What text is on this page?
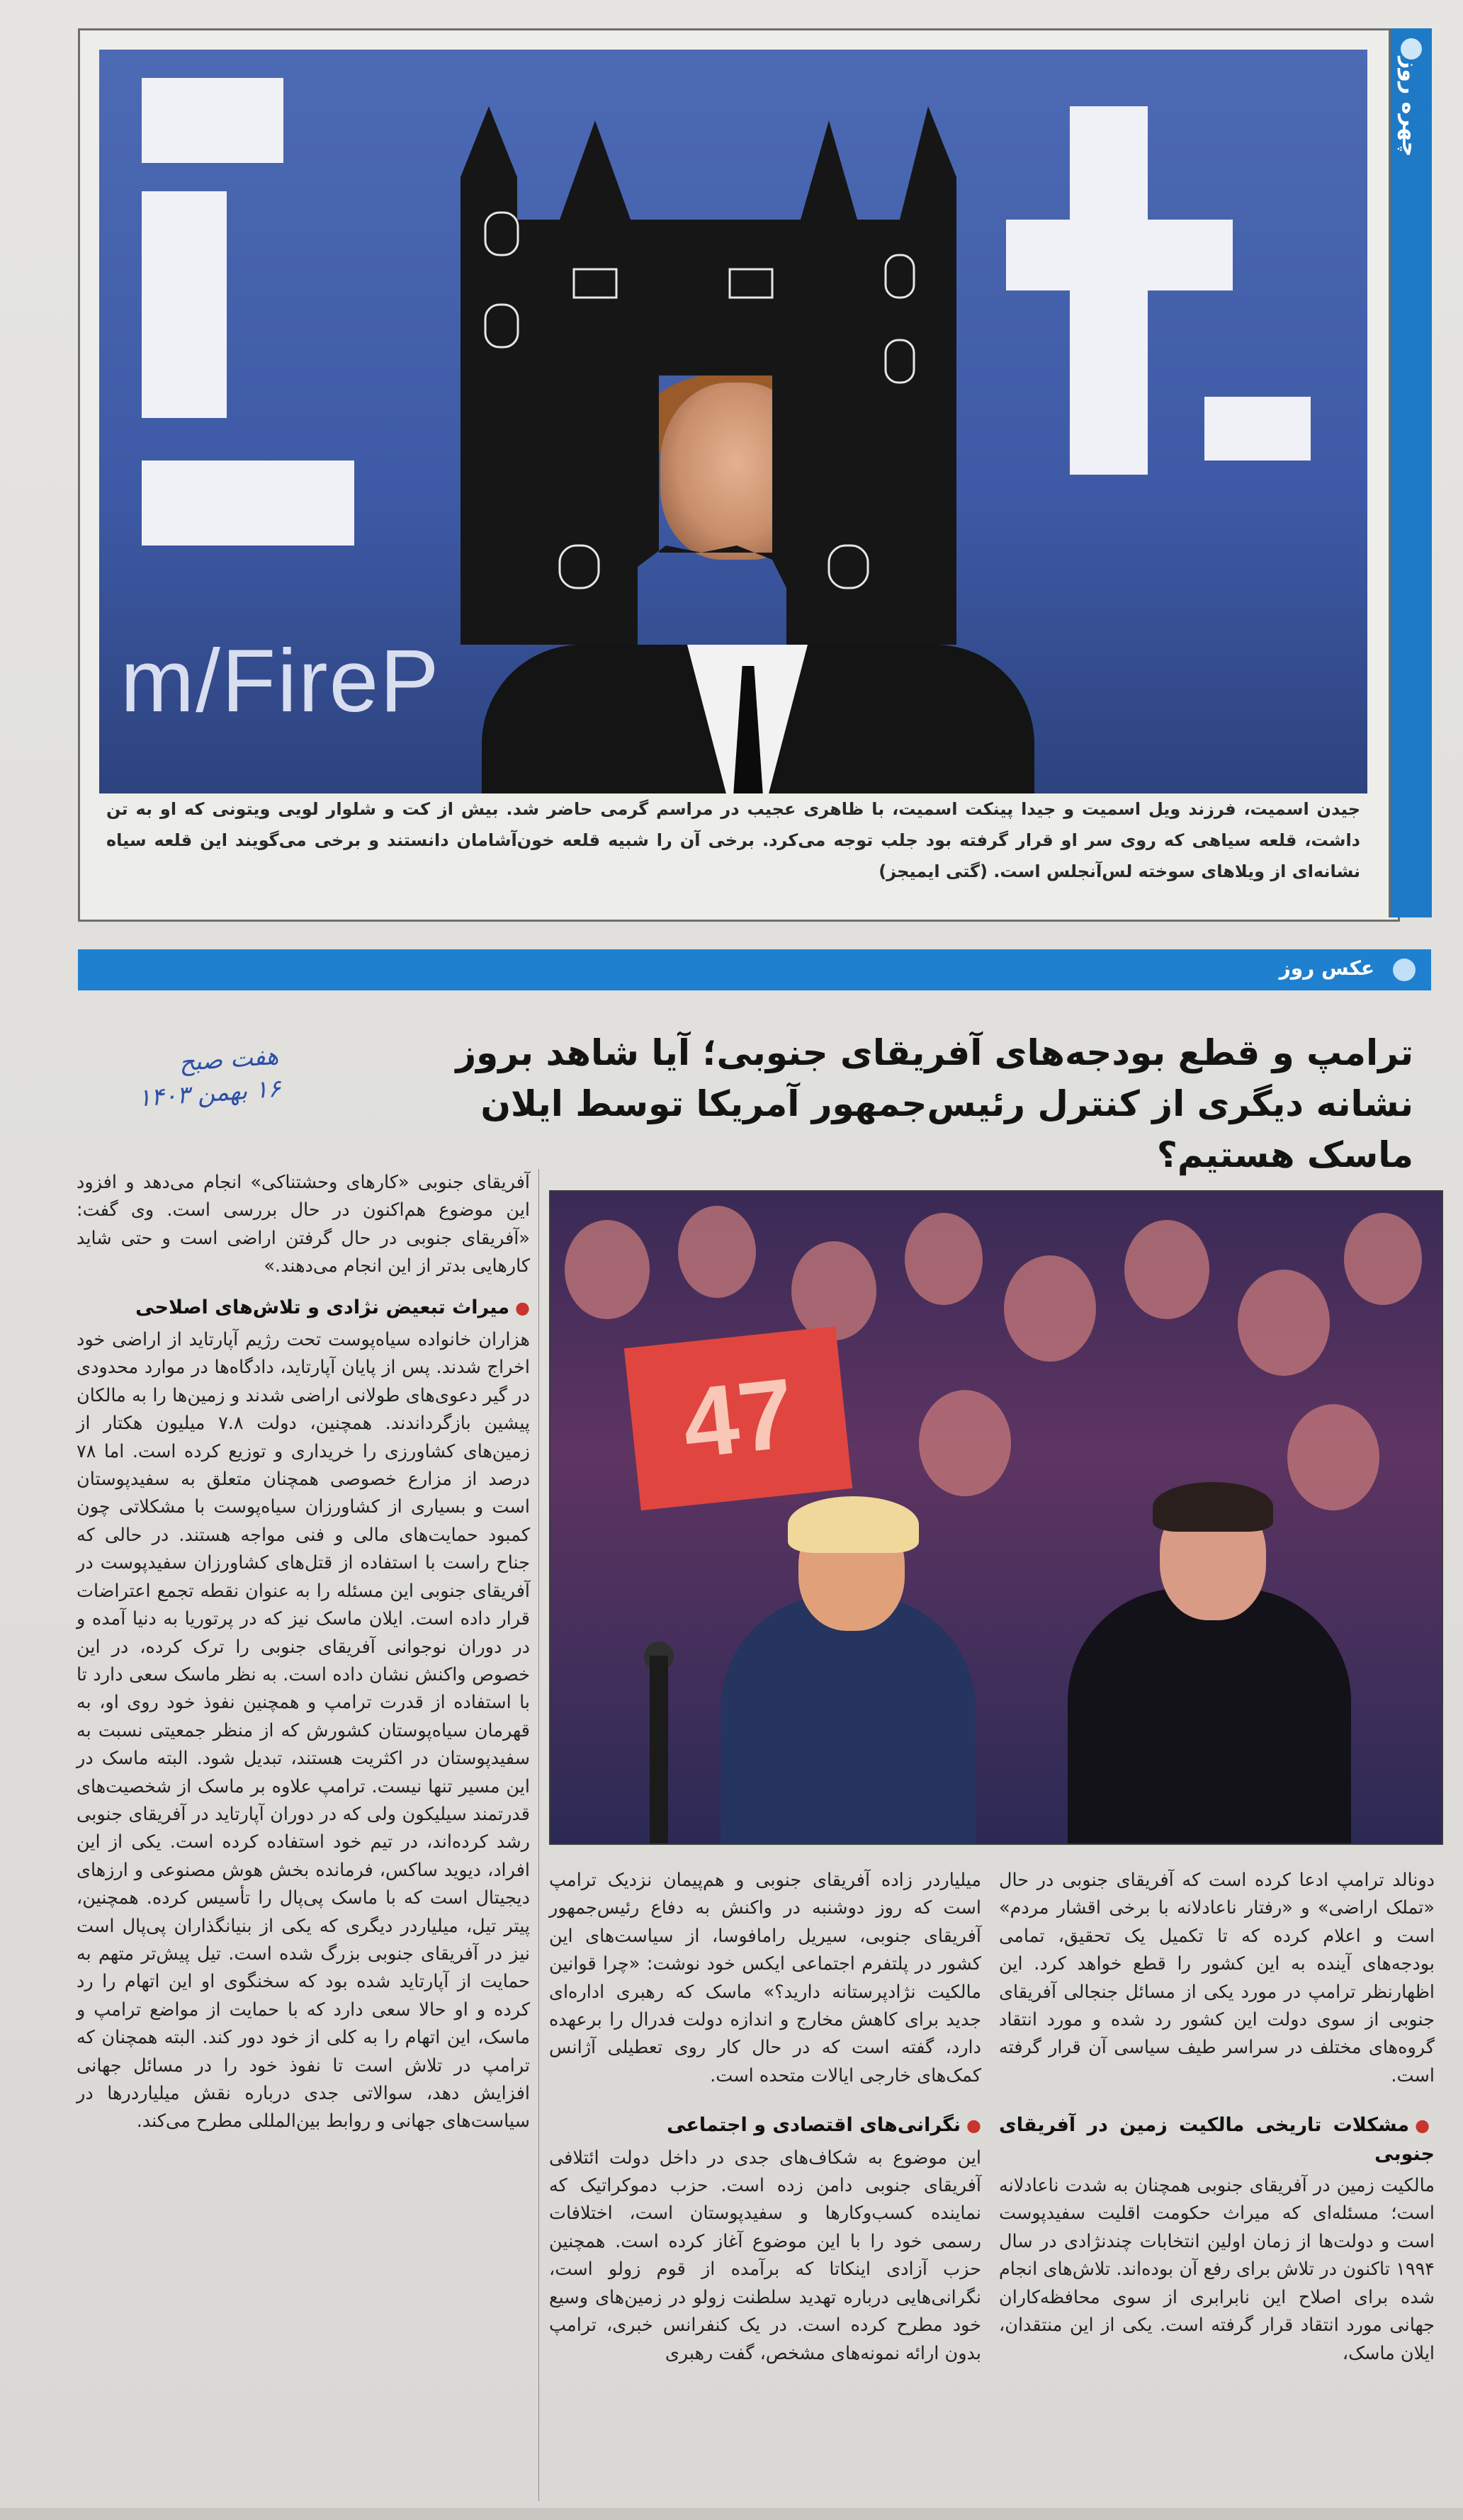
چهره روز
m/FireP
جیدن اسمیت، فرزند ویل اسمیت و جیدا پینکت اسمیت، با ظاهری عجیب در مراسم گرمی حاضر شد. بیش از کت و شلوار لویی ویتونی که او به تن داشت، قلعه سیاهی که روی سر او قرار گرفته بود جلب توجه می‌کرد. برخی آن را شبیه قلعه خون‌آشامان دانستند و برخی می‌گویند این قلعه سیاه نشانه‌ای از ویلاهای سوخته لس‌آنجلس است. (گتی ایمیجز)
عکس روز
ترامپ و قطع بودجه‌های آفریقای جنوبی؛ آیا شاهد بروز نشانه دیگری از کنترل رئیس‌جمهور آمریکا توسط ایلان ماسک هستیم؟
هفت صبح
۱۶ بهمن ۱۴۰۳
47

آفریقای جنوبی «کارهای وحشتناکی» انجام می‌دهد و افزود این موضوع هم‌اکنون در حال بررسی است. وی گفت: «آفریقای جنوبی در حال گرفتن اراضی است و حتی شاید کارهایی بدتر از این انجام می‌دهند.»

●میراث تبعیض نژادی و تلاش‌های اصلاحی

هزاران خانواده سیاه‌پوست تحت رژیم آپارتاید از اراضی خود اخراج شدند. پس از پایان آپارتاید، دادگاه‌ها در موارد محدودی در گیر دعوی‌های طولانی اراضی شدند و زمین‌ها را به مالکان پیشین بازگرداندند. همچنین، دولت ۷.۸ میلیون هکتار از زمین‌های کشاورزی را خریداری و توزیع کرده است. اما ۷۸ درصد از مزارع خصوصی همچنان متعلق به سفیدپوستان است و بسیاری از کشاورزان سیاه‌پوست با مشکلاتی چون کمبود حمایت‌های مالی و فنی مواجه هستند. در حالی که جناح راست با استفاده از قتل‌های کشاورزان سفیدپوست در آفریقای جنوبی این مسئله را به عنوان نقطه تجمع اعتراضات قرار داده است. ایلان ماسک نیز که در پرتوریا به دنیا آمده و در دوران نوجوانی آفریقای جنوبی را ترک کرده، در این خصوص واکنش نشان داده است. به نظر ماسک سعی دارد تا با استفاده از قدرت ترامپ و همچنین نفوذ خود روی او، به قهرمان سیاه‌پوستان کشورش که از منظر جمعیتی نسبت به سفیدپوستان در اکثریت هستند، تبدیل شود. البته ماسک در این مسیر تنها نیست. ترامپ علاوه بر ماسک از شخصیت‌های قدرتمند سیلیکون ولی که در دوران آپارتاید در آفریقای جنوبی رشد کرده‌اند، در تیم خود استفاده کرده است. یکی از این افراد، دیوید ساکس، فرمانده بخش هوش مصنوعی و ارزهای دیجیتال است که با ماسک پی‌پال را تأسیس کرده. همچنین، پیتر تیل، میلیاردر دیگری که یکی از بنیانگذاران پی‌پال است نیز در آفریقای جنوبی بزرگ شده است. تیل پیش‌تر متهم به حمایت از آپارتاید شده بود که سخنگوی او این اتهام را رد کرده و او حالا سعی دارد که با حمایت از مواضع ترامپ و ماسک، این اتهام را به کلی از خود دور کند. البته همچنان که ترامپ در تلاش است تا نفوذ خود را در مسائل جهانی افزایش دهد، سوالاتی جدی درباره نقش میلیاردرها در سیاست‌های جهانی و روابط بین‌المللی مطرح می‌کند.

میلیاردر زاده آفریقای جنوبی و هم‌پیمان نزدیک ترامپ است که روز دوشنبه در واکنش به دفاع رئیس‌جمهور آفریقای جنوبی، سیریل رامافوسا، از سیاست‌های این کشور در پلتفرم اجتماعی ایکس خود نوشت: «چرا قوانین مالکیت نژادپرستانه دارید؟» ماسک که رهبری اداره‌ای جدید برای کاهش مخارج و اندازه دولت فدرال را برعهده دارد، گفته است که در حال کار روی تعطیلی آژانس کمک‌های خارجی ایالات متحده است.

●نگرانی‌های اقتصادی و اجتماعی

این موضوع به شکاف‌های جدی در داخل دولت ائتلافی آفریقای جنوبی دامن زده است. حزب دموکراتیک که نماینده کسب‌وکارها و سفیدپوستان است، اختلافات رسمی خود را با این موضوع آغاز کرده است. همچنین حزب آزادی اینکاتا که برآمده از قوم زولو است، نگرانی‌هایی درباره تهدید سلطنت زولو در زمین‌های وسیع خود مطرح کرده است. در یک کنفرانس خبری، ترامپ بدون ارائه نمونه‌های مشخص، گفت رهبری

دونالد ترامپ ادعا کرده است که آفریقای جنوبی در حال «تملک اراضی» و «رفتار ناعادلانه با برخی اقشار مردم» است و اعلام کرده که تا تکمیل یک تحقیق، تمامی بودجه‌های آینده به این کشور را قطع خواهد کرد. این اظهارنظر ترامپ در مورد یکی از مسائل جنجالی آفریقای جنوبی از سوی دولت این کشور رد شده و مورد انتقاد گروه‌های مختلف در سراسر طیف سیاسی آن قرار گرفته است.

●مشکلات تاریخی مالکیت زمین در آفریقای جنوبی

مالکیت زمین در آفریقای جنوبی همچنان به شدت ناعادلانه است؛ مسئله‌ای که میراث حکومت اقلیت سفیدپوست است و دولت‌ها از زمان اولین انتخابات چندنژادی در سال ۱۹۹۴ تاکنون در تلاش برای رفع آن بوده‌اند. تلاش‌های انجام شده برای اصلاح این نابرابری از سوی محافظه‌کاران جهانی مورد انتقاد قرار گرفته است. یکی از این منتقدان، ایلان ماسک،
